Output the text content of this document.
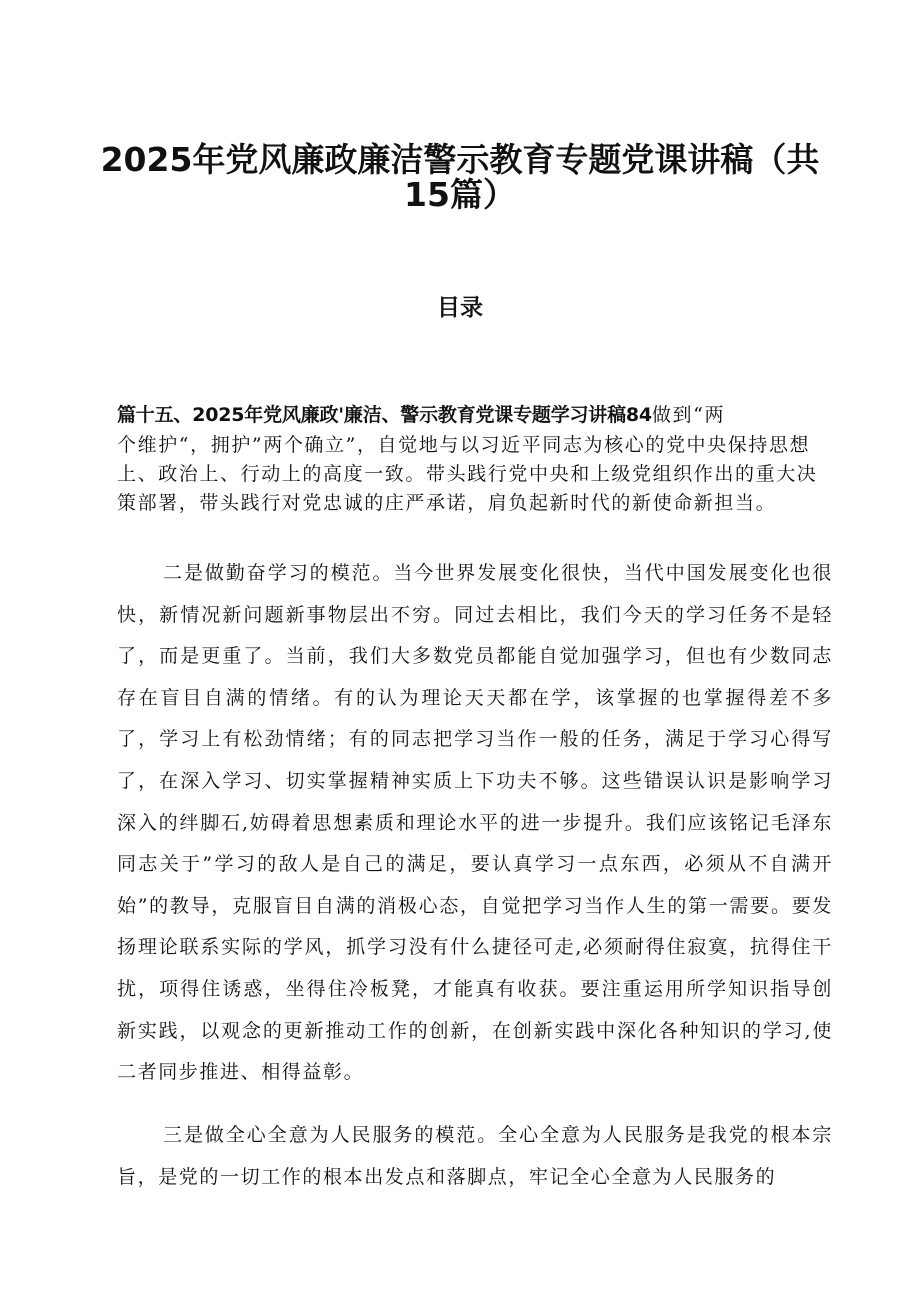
2025年党风廉政廉洁警示教育专题党课讲稿（共
15篇）
目录
篇十五、2025年党风廉政'廉洁、警示教育党课专题学习讲稿84做到“两

个维护“，拥护”两个确立”，自觉地与以习近平同志为核心的党中央保持思想上、政治上、行动上的高度一致。带头践行党中央和上级党组织作出的重大决策部署，带头践行对党忠诚的庄严承诺，肩负起新时代的新使命新担当。

二是做勤奋学习的模范。当今世界发展变化很快，当代中国发展变化也很快，新情况新问题新事物层出不穷。同过去相比，我们今天的学习任务不是轻了，而是更重了。当前，我们大多数党员都能自觉加强学习，但也有少数同志存在盲目自满的情绪。有的认为理论天天都在学，该掌握的也掌握得差不多了，学习上有松劲情绪；有的同志把学习当作一般的任务，满足于学习心得写了，在深入学习、切实掌握精神实质上下功夫不够。这些错误认识是影响学习深入的绊脚石,妨碍着思想素质和理论水平的进一步提升。我们应该铭记毛泽东同志关于”学习的敌人是自己的满足，要认真学习一点东西，必须从不自满开始”的教导，克服盲目自满的消极心态，自觉把学习当作人生的第一需要。要发扬理论联系实际的学风，抓学习没有什么捷径可走,必须耐得住寂寞，抗得住干扰，项得住诱惑，坐得住冷板凳，才能真有收获。要注重运用所学知识指导创新实践，以观念的更新推动工作的创新，在创新实践中深化各种知识的学习,使二者同步推进、相得益彰。

三是做全心全意为人民服务的模范。全心全意为人民服务是我党的根本宗旨，是党的一切工作的根本出发点和落脚点，牢记全心全意为人民服务的
